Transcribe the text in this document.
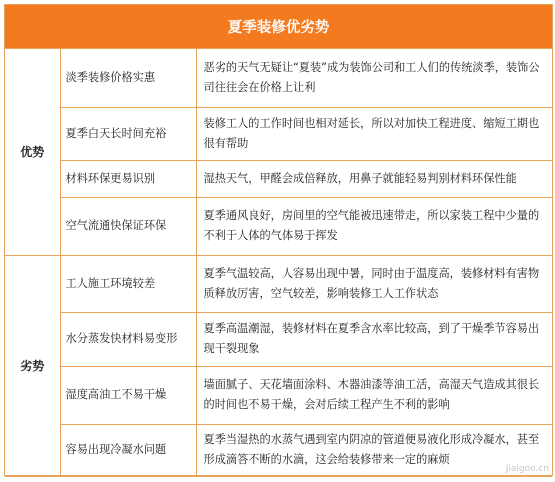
夏季装修优劣势
优势	淡季装修价格实惠	恶劣的天气无疑让“夏装”成为装饰公司和工人们的传统淡季，装饰公司往往会在价格上让利
	夏季白天长时间充裕	装修工人的工作时间也相对延长，所以对加快工程进度、缩短工期也很有帮助
	材料环保更易识别	湿热天气，甲醛会成倍释放，用鼻子就能轻易判别材料环保性能
	空气流通快保证环保	夏季通风良好，房间里的空气能被迅速带走，所以家装工程中少量的不利于人体的气体易于挥发
劣势	工人施工环境较差	夏季气温较高，人容易出现中暑，同时由于温度高，装修材料有害物质释放厉害，空气较差，影响装修工人工作状态
	水分蒸发快材料易变形	夏季高温潮湿，装修材料在夏季含水率比较高，到了干燥季节容易出现干裂现象
	湿度高油工不易干燥	墙面腻子、天花墙面涂料、木器油漆等油工活，高湿天气造成其很长的时间也不易干燥，会对后续工程产生不利的影响
	容易出现冷凝水问题	夏季当湿热的水蒸气遇到室内阴凉的管道便易液化形成冷凝水，甚至形成滴答不断的水滴，这会给装修带来一定的麻烦
Jiaigoo.cn
